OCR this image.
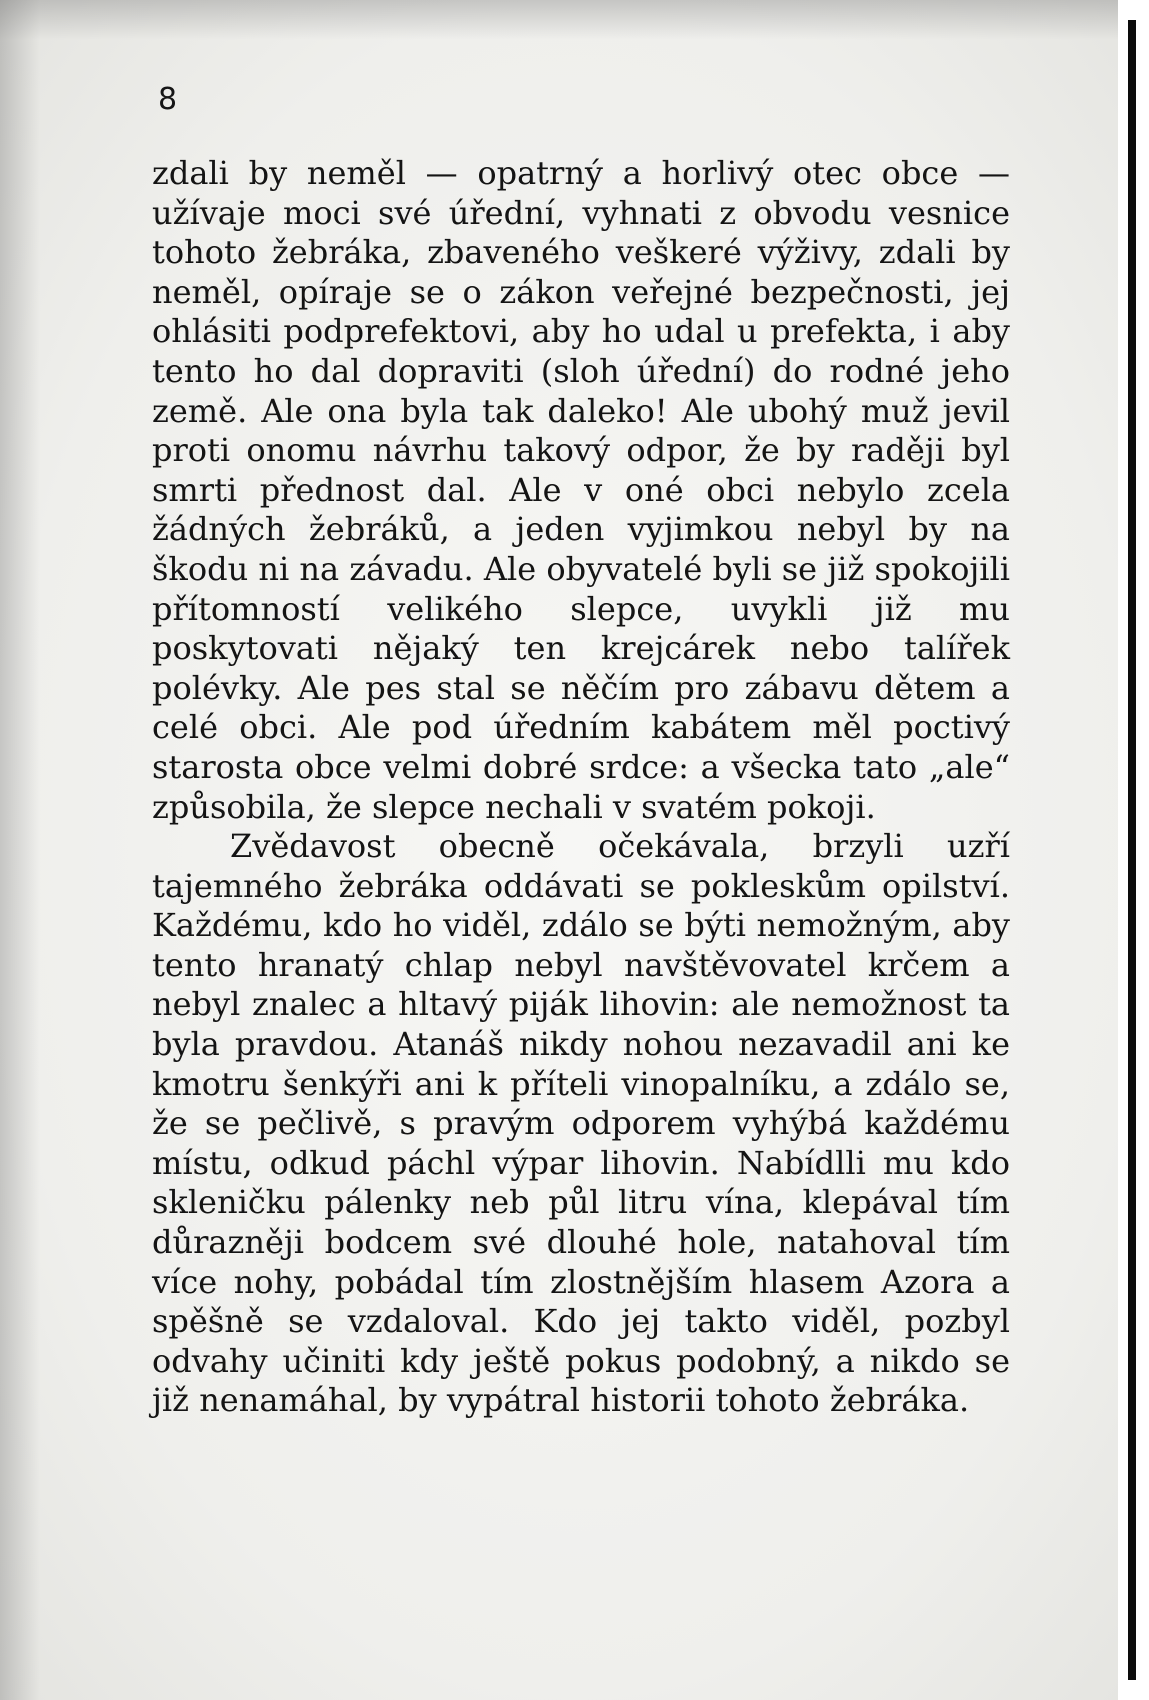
8

zdali by neměl — opatrný a horlivý otec obce — užívaje moci své úřední, vyhnati z obvodu vesnice tohoto žebráka, zbaveného veškeré výživy, zdali by neměl, opíraje se o zákon veřejné bezpečnosti, jej ohlásiti podprefektovi, aby ho udal u prefekta, i aby tento ho dal dopraviti (sloh úřední) do rodné jeho země. Ale ona byla tak daleko! Ale ubohý muž jevil proti onomu návrhu takový odpor, že by raději byl smrti přednost dal. Ale v oné obci nebylo zcela žádných žebráků, a jeden vyjimkou nebyl by na škodu ni na závadu. Ale obyvatelé byli se již spokojili přítomností velikého slepce, uvykli již mu poskytovati nějaký ten krejcárek nebo talířek polévky. Ale pes stal se něčím pro zábavu dětem a celé obci. Ale pod úředním kabátem měl poctivý starosta obce velmi dobré srdce: a všecka tato „ale“ způsobila, že slepce nechali v svatém pokoji.

Zvědavost obecně očekávala, brzyli uzří tajemného žebráka oddávati se pokleskům opilství. Každému, kdo ho viděl, zdálo se býti nemožným, aby tento hranatý chlap nebyl navštěvovatel krčem a nebyl znalec a hltavý piják lihovin: ale nemožnost ta byla pravdou. Atanáš nikdy nohou nezavadil ani ke kmotru šenkýři ani k příteli vinopalníku, a zdálo se, že se pečlivě, s pravým odporem vyhýbá každému místu, odkud páchl výpar lihovin. Nabídlli mu kdo skleničku pálenky neb půl litru vína, klepával tím důrazněji bodcem své dlouhé hole, natahoval tím více nohy, pobádal tím zlostnějším hlasem Azora a spěšně se vzdaloval. Kdo jej takto viděl, pozbyl odvahy učiniti kdy ještě pokus podobný, a nikdo se již nenamáhal, by vypátral historii tohoto žebráka.
